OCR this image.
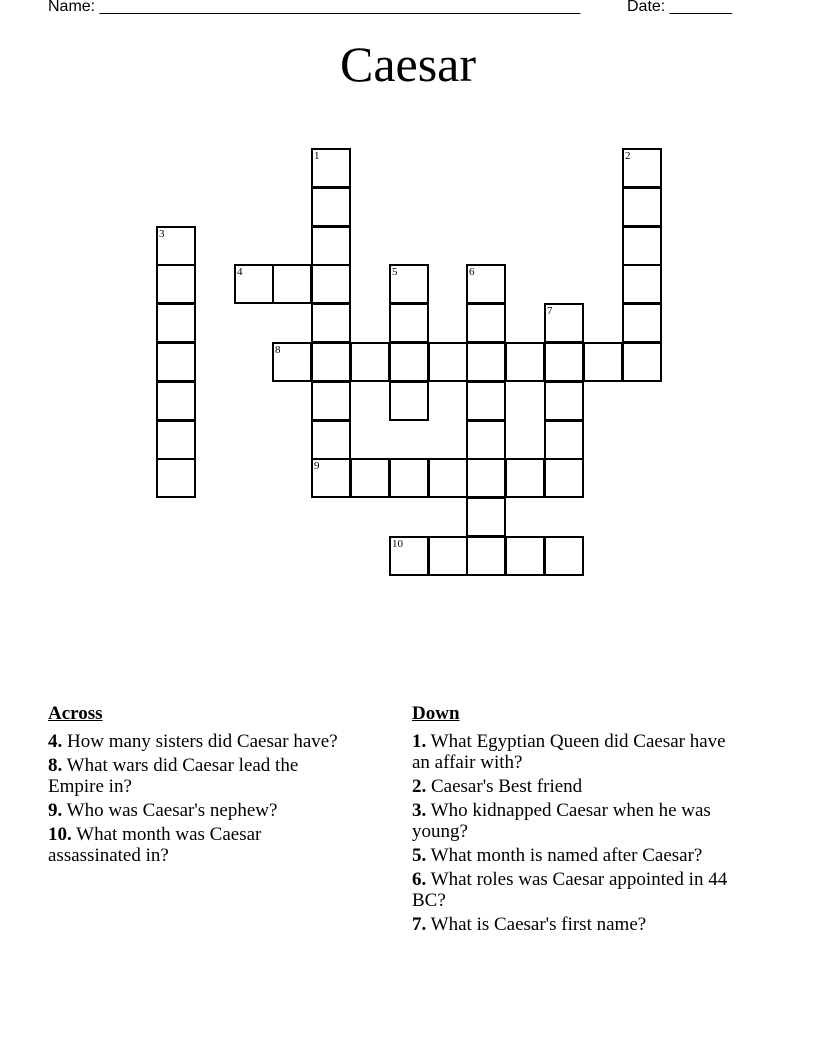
Name: ______________________________________________________	Date: _______
Caesar
1
9
2
3
4	5	6
7
8
10
Across
4. How many sisters did Caesar have?
8. What wars did Caesar lead the Empire in?
9. Who was Caesar's nephew?
10. What month was Caesar assassinated in?
Down
1. What Egyptian Queen did Caesar have an affair with?
2. Caesar's Best friend
3. Who kidnapped Caesar when he was young?
5. What month is named after Caesar?
6. What roles was Caesar appointed in 44 BC?
7. What is Caesar's first name?
